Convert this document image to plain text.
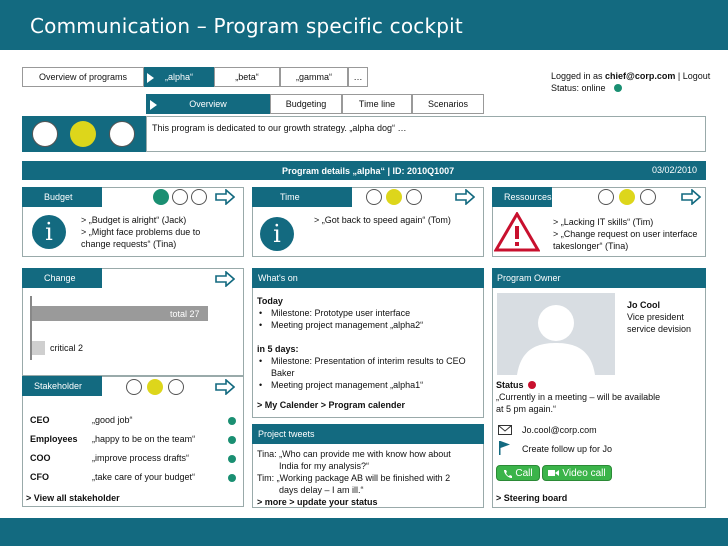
Communication – Program specific cockpit
Overview of programs	„alpha“	„beta“	„gamma“ …	Logged in as chief@corp.com | Logout
Status: online
Overview	Budgeting	Time line	Scenarios
This program is dedicated to our growth strategy. „alpha dog“ …
Program details „alpha“ | ID: 2010Q1007	03/02/2010
Budget
i	> „Budget is alright“ (Jack)
> „Might face problems due to
change requests“ (Tina)
Time
i	> „Got back to speed again“ (Tom)
Ressources
> „Lacking IT skills“ (Tim)
> „Change request on user interface
takeslonger“ (Tina)
Change
total 27
critical 2
Stakeholder
CEO	„good job“
Employees „happy to be on the team“
COO	„improve process drafts“
CFO	„take care of your budget“
> View all stakeholder
What's on
Today
• Milestone: Prototype user interface
• Meeting project management „alpha2“
in 5 days:
• Milestone: Presentation of interim results to CEO
Baker
• Meeting project management „alpha1“
> My Calender > Program calender
Project tweets
Tina: „Who can provide me with know how about
India for my analysis?“
Tim: „Working package AB will be finished with 2
days delay – I am ill.“
> more > update your status
Program Owner
Jo Cool
Vice president
service devision
Status
„Currently in a meeting – will be available
at 5 pm again.“
Jo.cool@corp.com
Create follow up for Jo
Call	Video call
> Steering board
